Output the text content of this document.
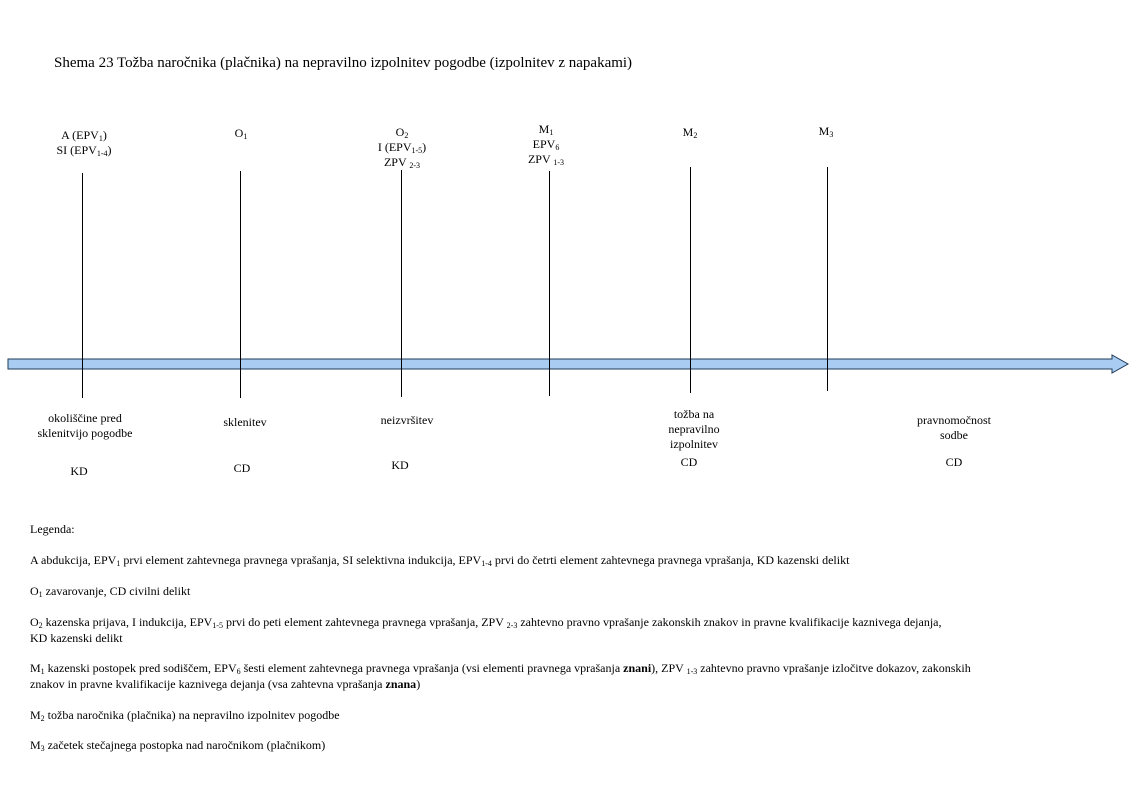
Shema 23 Tožba naročnika (plačnika) na nepravilno izpolnitev pogodbe (izpolnitev z napakami)
A $(EPV_1)$
SI $(EPV_{1-4})$
$O_1$	$O_2$
I $(EPV_{1-5})$
ZPV $_{2-3}$
$M_1$
$EPV_6$
ZPV $_{1-3}$
$M_2$	$M_3$
okoliščine pred
sklenitvijo pogodbe
KD
sklenitev
CD
neizvršitev
KD
tožba na
nepravilno
izpolnitev
CD
pravnomočnost
sodbe
CD
Legenda:

A abdukcija, $EPV_1$ prvi element zahtevnega pravnega vprašanja, SI selektivna indukcija, $EPV_{1-4}$ prvi do četrti element zahtevnega pravnega vprašanja, KD kazenski delikt

$O_1$ zavarovanje, CD civilni delikt

$O_2$ kazenska prijava, I indukcija, $EPV_{1-5}$ prvi do peti element zahtevnega pravnega vprašanja, ZPV $_{2-3}$ zahtevno pravno vprašanje zakonskih znakov in pravne kvalifikacije kaznivega dejanja,

KD kazenski delikt

$M_1$ kazenski postopek pred sodiščem, $EPV_6$ šesti element zahtevnega pravnega vprašanja (vsi elementi pravnega vprašanja znani), ZPV $_{1-3}$ zahtevno pravno vprašanje izločitve dokazov, zakonskih

znakov in pravne kvalifikacije kaznivega dejanja (vsa zahtevna vprašanja znana)

$M_2$ tožba naročnika (plačnika) na nepravilno izpolnitev pogodbe

$M_3$ začetek stečajnega postopka nad naročnikom (plačnikom)
